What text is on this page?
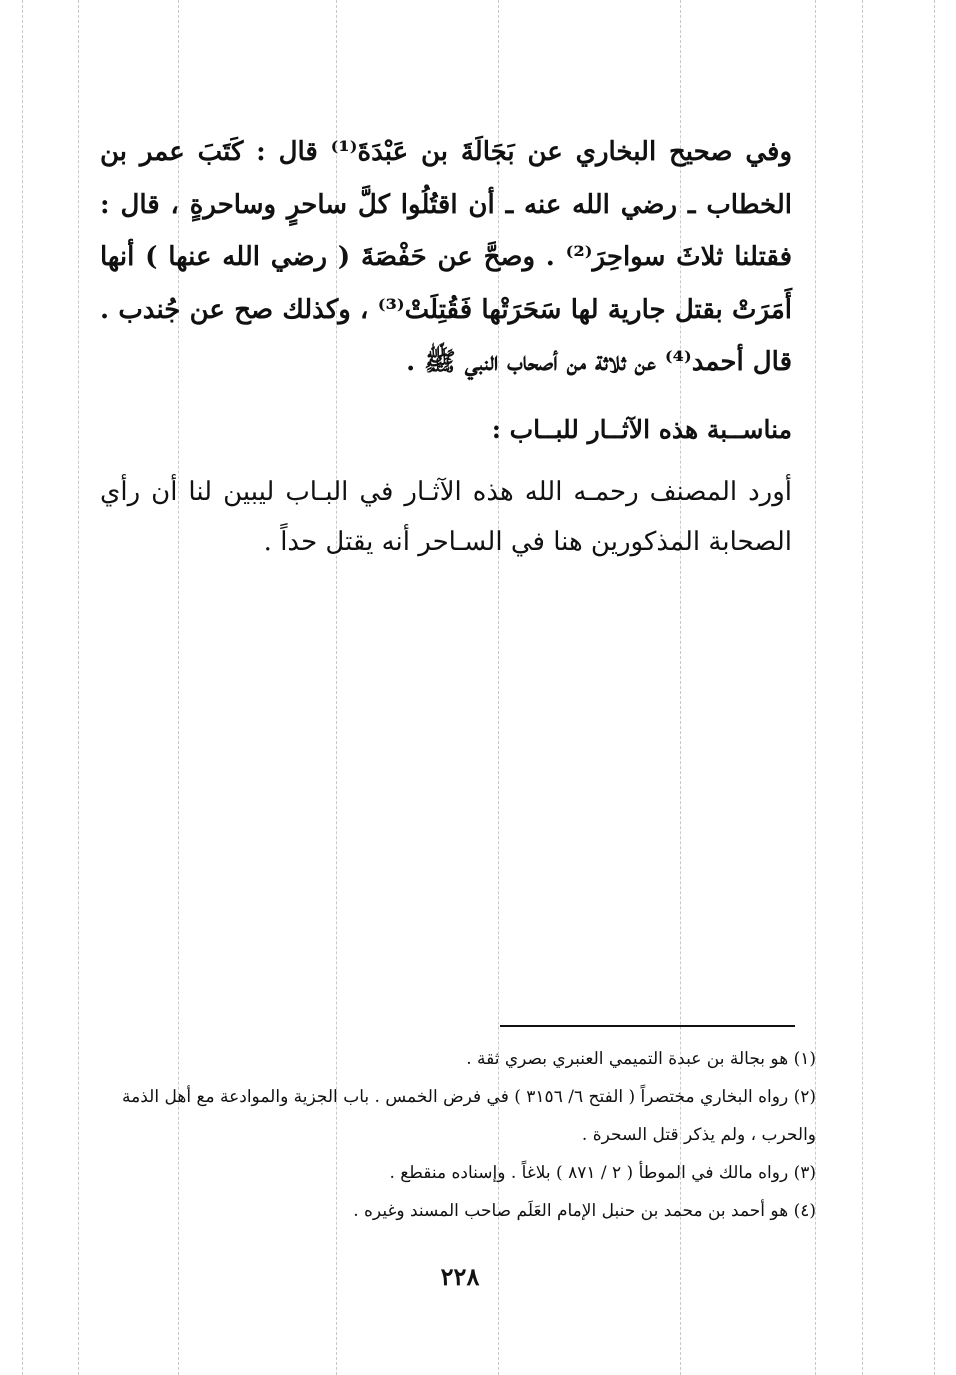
وفي صحيح البخاري عن بَجَالَةَ بن عَبْدَةَ⁽¹⁾ قال : كَتَبَ عمر بن الخطاب ـ رضي الله عنه ـ أن اقتُلُوا كلَّ ساحرٍ وساحرةٍ ، قال : فقتلنا ثلاثَ سواحِرَ⁽²⁾ . وصحَّ عن حَفْصَةَ ( رضي الله عنها ) أنها أَمَرَتْ بقتل جارية لها سَحَرَتْها فَقُتِلَتْ⁽³⁾ ، وكذلك صح عن جُندب . قال أحمد⁽⁴⁾ عن ثلاثة من أصحاب النبي ﷺ .
مناســبة هذه الآثــار للبــاب :
أورد المصنف رحمـه الله هذه الآثـار في البـاب ليبين لنا أن رأي الصحابة المذكورين هنا في السـاحر أنه يقتل حداً .

(١) هو بجالة بن عبدة التميمي العنبري بصري ثقة .

(٢) رواه البخاري مختصراً ( الفتح ٦/ ٣١٥٦ ) في فرض الخمس . باب الجزية والموادعة مع أهل الذمة والحرب ، ولم يذكر قتل السحرة .

(٣) رواه مالك في الموطأ ( ٢ / ٨٧١ ) بلاغاً . وإسناده منقطع .

(٤) هو أحمد بن محمد بن حنبل الإمام العَلَم صاحب المسند وغيره .

٢٢٨
